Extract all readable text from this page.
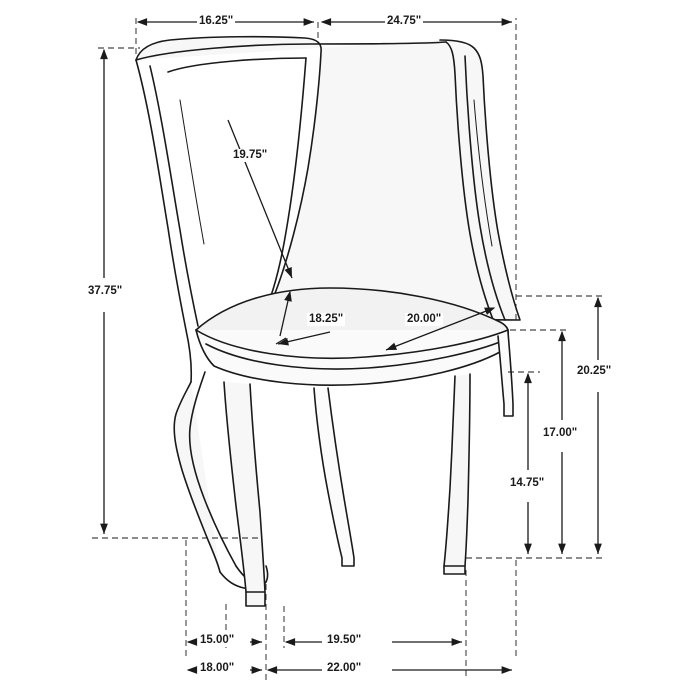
16.25"	24.75"
19.75"
37.75"
18.25"	20.00"
20.25"
17.00"
14.75"
15.00"
18.00"
19.50"
22.00"
